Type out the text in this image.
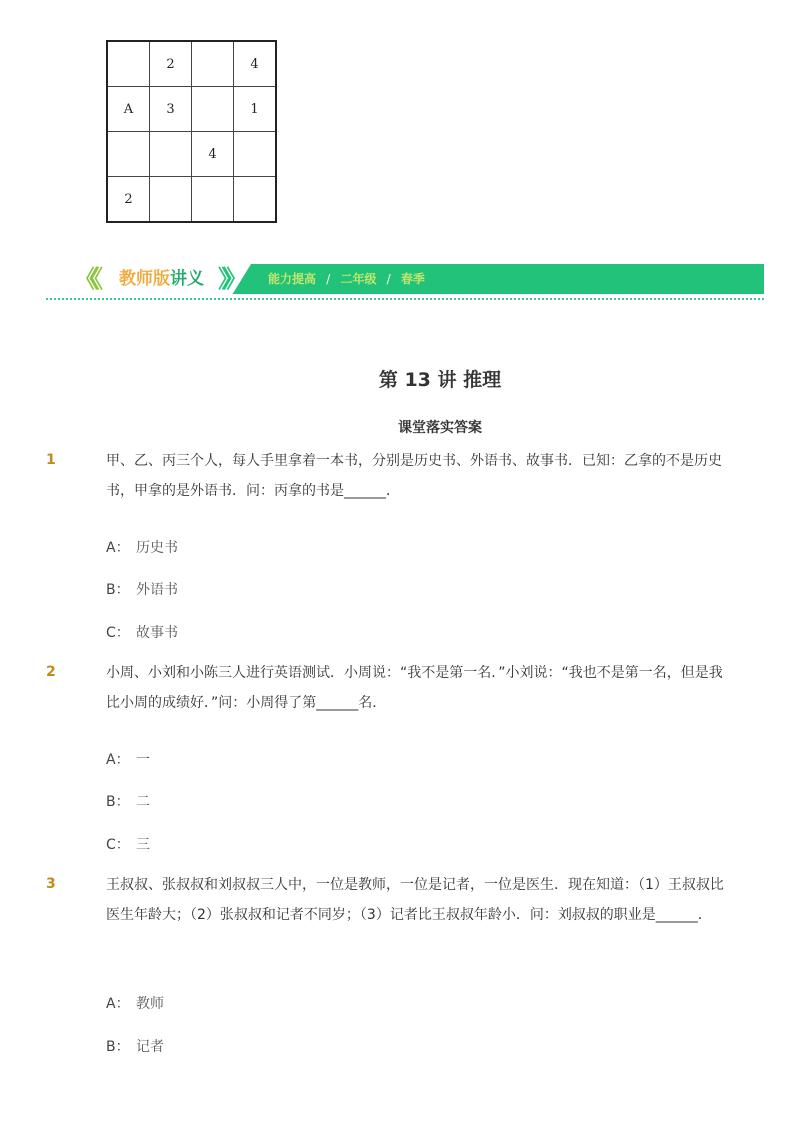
	2		4
A	3		1
		4	
2			
《《 教师版讲义 》》 能力提高 / 二年级 / 春季
第 13 讲 推理
课堂落实答案
1	甲、乙、丙三个人，每人手里拿着一本书，分别是历史书、外语书、故事书．已知：乙拿的不是历史书，甲拿的是外语书．问：丙拿的书是______．
A： 历史书
B： 外语书
C： 故事书
2	小周、小刘和小陈三人进行英语测试．小周说：“我不是第一名．”小刘说：“我也不是第一名，但是我比小周的成绩好．”问：小周得了第______名．
A： 一
B： 二
C： 三
3	王叔叔、张叔叔和刘叔叔三人中，一位是教师，一位是记者，一位是医生．现在知道：（1）王叔叔比医生年龄大；（2）张叔叔和记者不同岁；（3）记者比王叔叔年龄小．问：刘叔叔的职业是______．
A： 教师
B： 记者
